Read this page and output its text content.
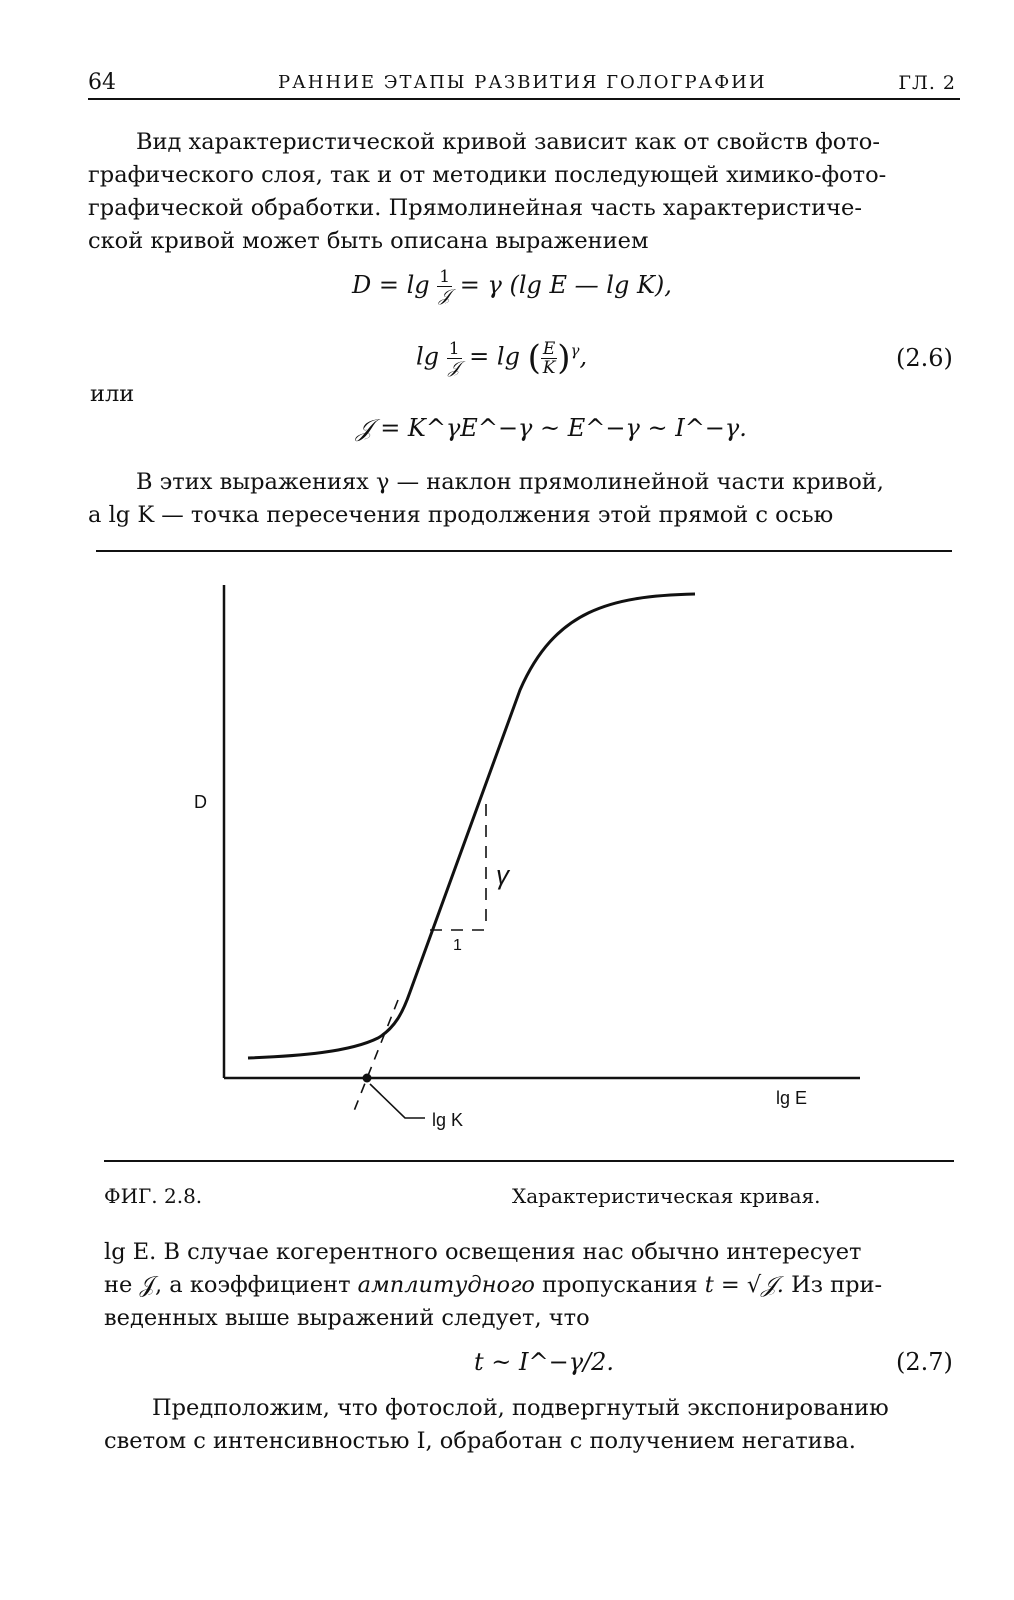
64	РАННИЕ ЭТАПЫ РАЗВИТИЯ ГОЛОГРАФИИ	ГЛ. 2

Вид характеристической кривой зависит как от свойств фото-

графического слоя, так и от методики последующей химико-фото-

графической обработки. Прямолинейная часть характеристиче-

ской кривой может быть описана выражением

$D = \lg \frac{1}{\text{𝒥}} = \gamma$ (lg E — lg K),
$\lg \frac{1}{\text{𝒥}} = \lg$ ( $\frac{E}{K} )^\gamma$,	(2.6)
или
𝒥 = K^γE^−γ ~ E^−γ ~ I^−γ.

В этих выражениях γ — наклон прямолинейной части кривой,

а lg K — точка пересечения продолжения этой прямой с осью

lg K
γ
1
D
lg E
ФИГ. 2.8.	Характеристическая кривая.

lg E. В случае когерентного освещения нас обычно интересует

не 𝒥, а коэффициент амплитудного пропускания t = √𝒥. Из при-

веденных выше выражений следует, что

t ~ I^−γ/2.	(2.7)

Предположим, что фотослой, подвергнутый экспонированию

светом с интенсивностью I, обработан с получением негатива.
